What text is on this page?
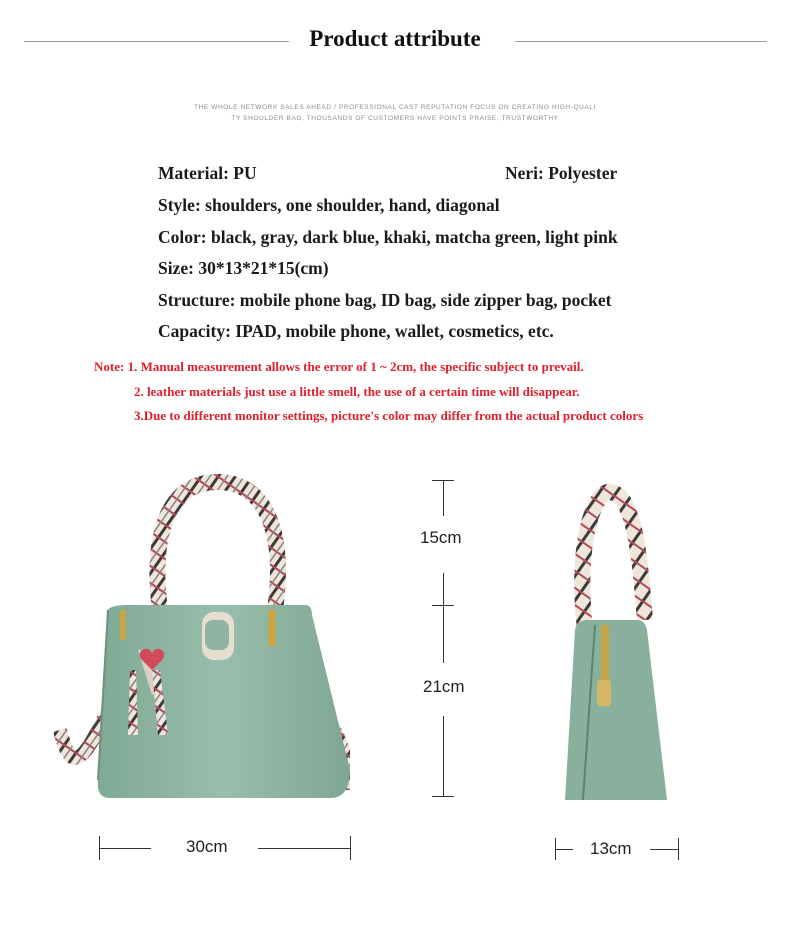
Product attribute
THE WHOLE NETWORK SALES AHEAD / PROFESSIONAL CAST REPUTATION FOCUS ON CREATING HIGH-QUALI
TY SHOULDER BAG, THOUSANDS OF CUSTOMERS HAVE POINTS PRAISE, TRUSTWORTHY
Material: PU	Neri: Polyester
Style: shoulders, one shoulder, hand, diagonal
Color: black, gray, dark blue, khaki, matcha green, light pink
Size: 30*13*21*15(cm)
Structure: mobile phone bag, ID bag, side zipper bag, pocket
Capacity: IPAD, mobile phone, wallet, cosmetics, etc.
Note: 1. Manual measurement allows the error of 1 ~ 2cm, the specific subject to prevail.
2. leather materials just use a little smell, the use of a certain time will disappear.
3.Due to different monitor settings, picture's color may differ from the actual product colors
15cm
21cm
30cm	13cm
